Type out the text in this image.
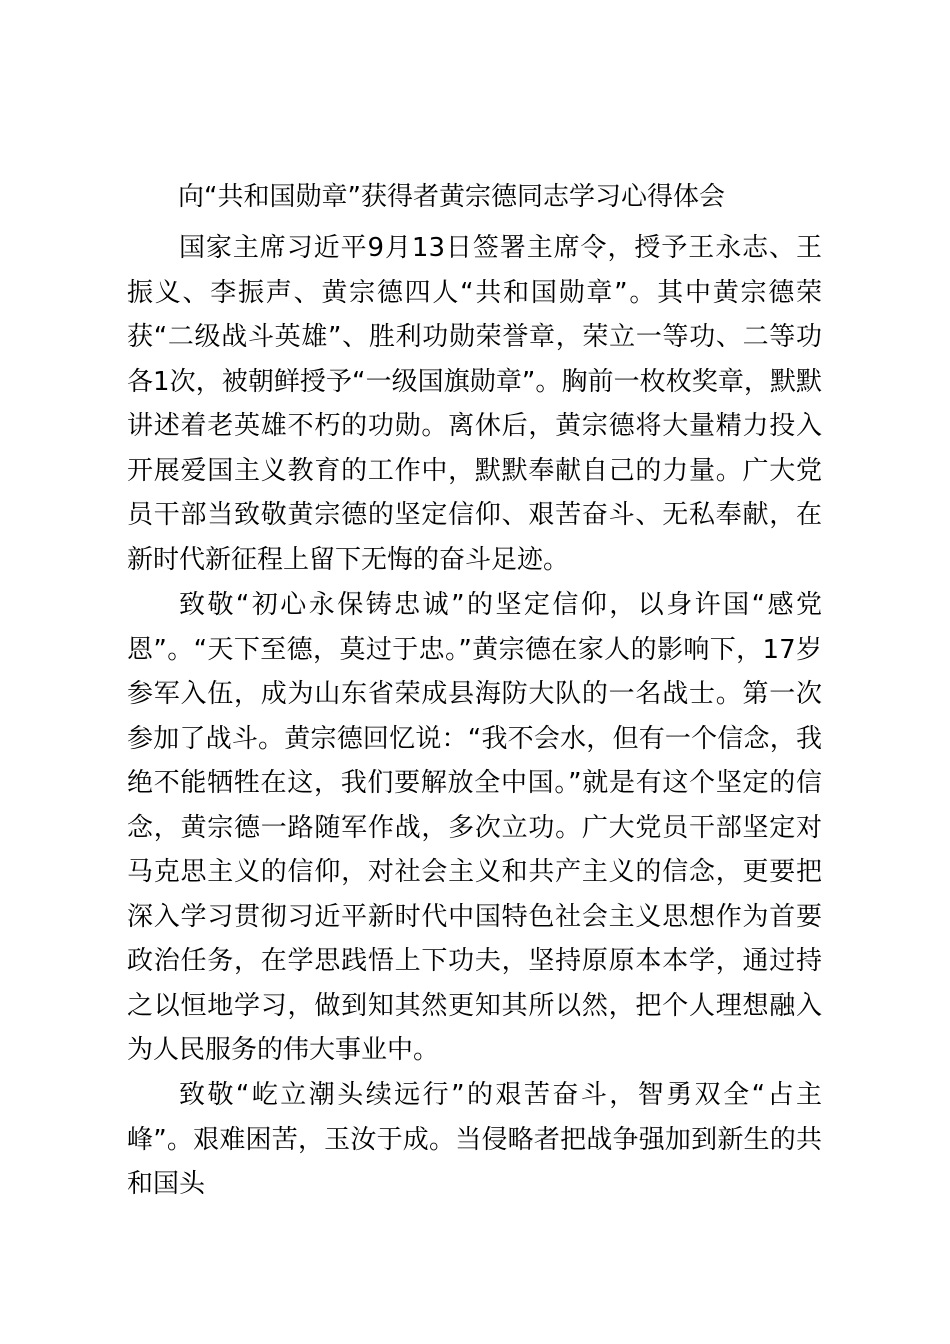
向“共和国勋章”获得者黄宗德同志学习心得体会

国家主席习近平9月13日签署主席令，授予王永志、王振义、李振声、黄宗德四人“共和国勋章”。其中黄宗德荣获“二级战斗英雄”、胜利功勋荣誉章，荣立一等功、二等功各1次，被朝鲜授予“一级国旗勋章”。胸前一枚枚奖章，默默讲述着老英雄不朽的功勋。离休后，黄宗德将大量精力投入开展爱国主义教育的工作中，默默奉献自己的力量。广大党员干部当致敬黄宗德的坚定信仰、艰苦奋斗、无私奉献，在新时代新征程上留下无悔的奋斗足迹。

致敬“初心永保铸忠诚”的坚定信仰，以身许国“感党恩”。“天下至德，莫过于忠。”黄宗德在家人的影响下，17岁参军入伍，成为山东省荣成县海防大队的一名战士。第一次参加了战斗。黄宗德回忆说：“我不会水，但有一个信念，我绝不能牺牲在这，我们要解放全中国。”就是有这个坚定的信念，黄宗德一路随军作战，多次立功。广大党员干部坚定对马克思主义的信仰，对社会主义和共产主义的信念，更要把深入学习贯彻习近平新时代中国特色社会主义思想作为首要政治任务，在学思践悟上下功夫，坚持原原本本学，通过持之以恒地学习，做到知其然更知其所以然，把个人理想融入为人民服务的伟大事业中。

致敬“屹立潮头续远行”的艰苦奋斗，智勇双全“占主峰”。艰难困苦，玉汝于成。当侵略者把战争强加到新生的共和国头
